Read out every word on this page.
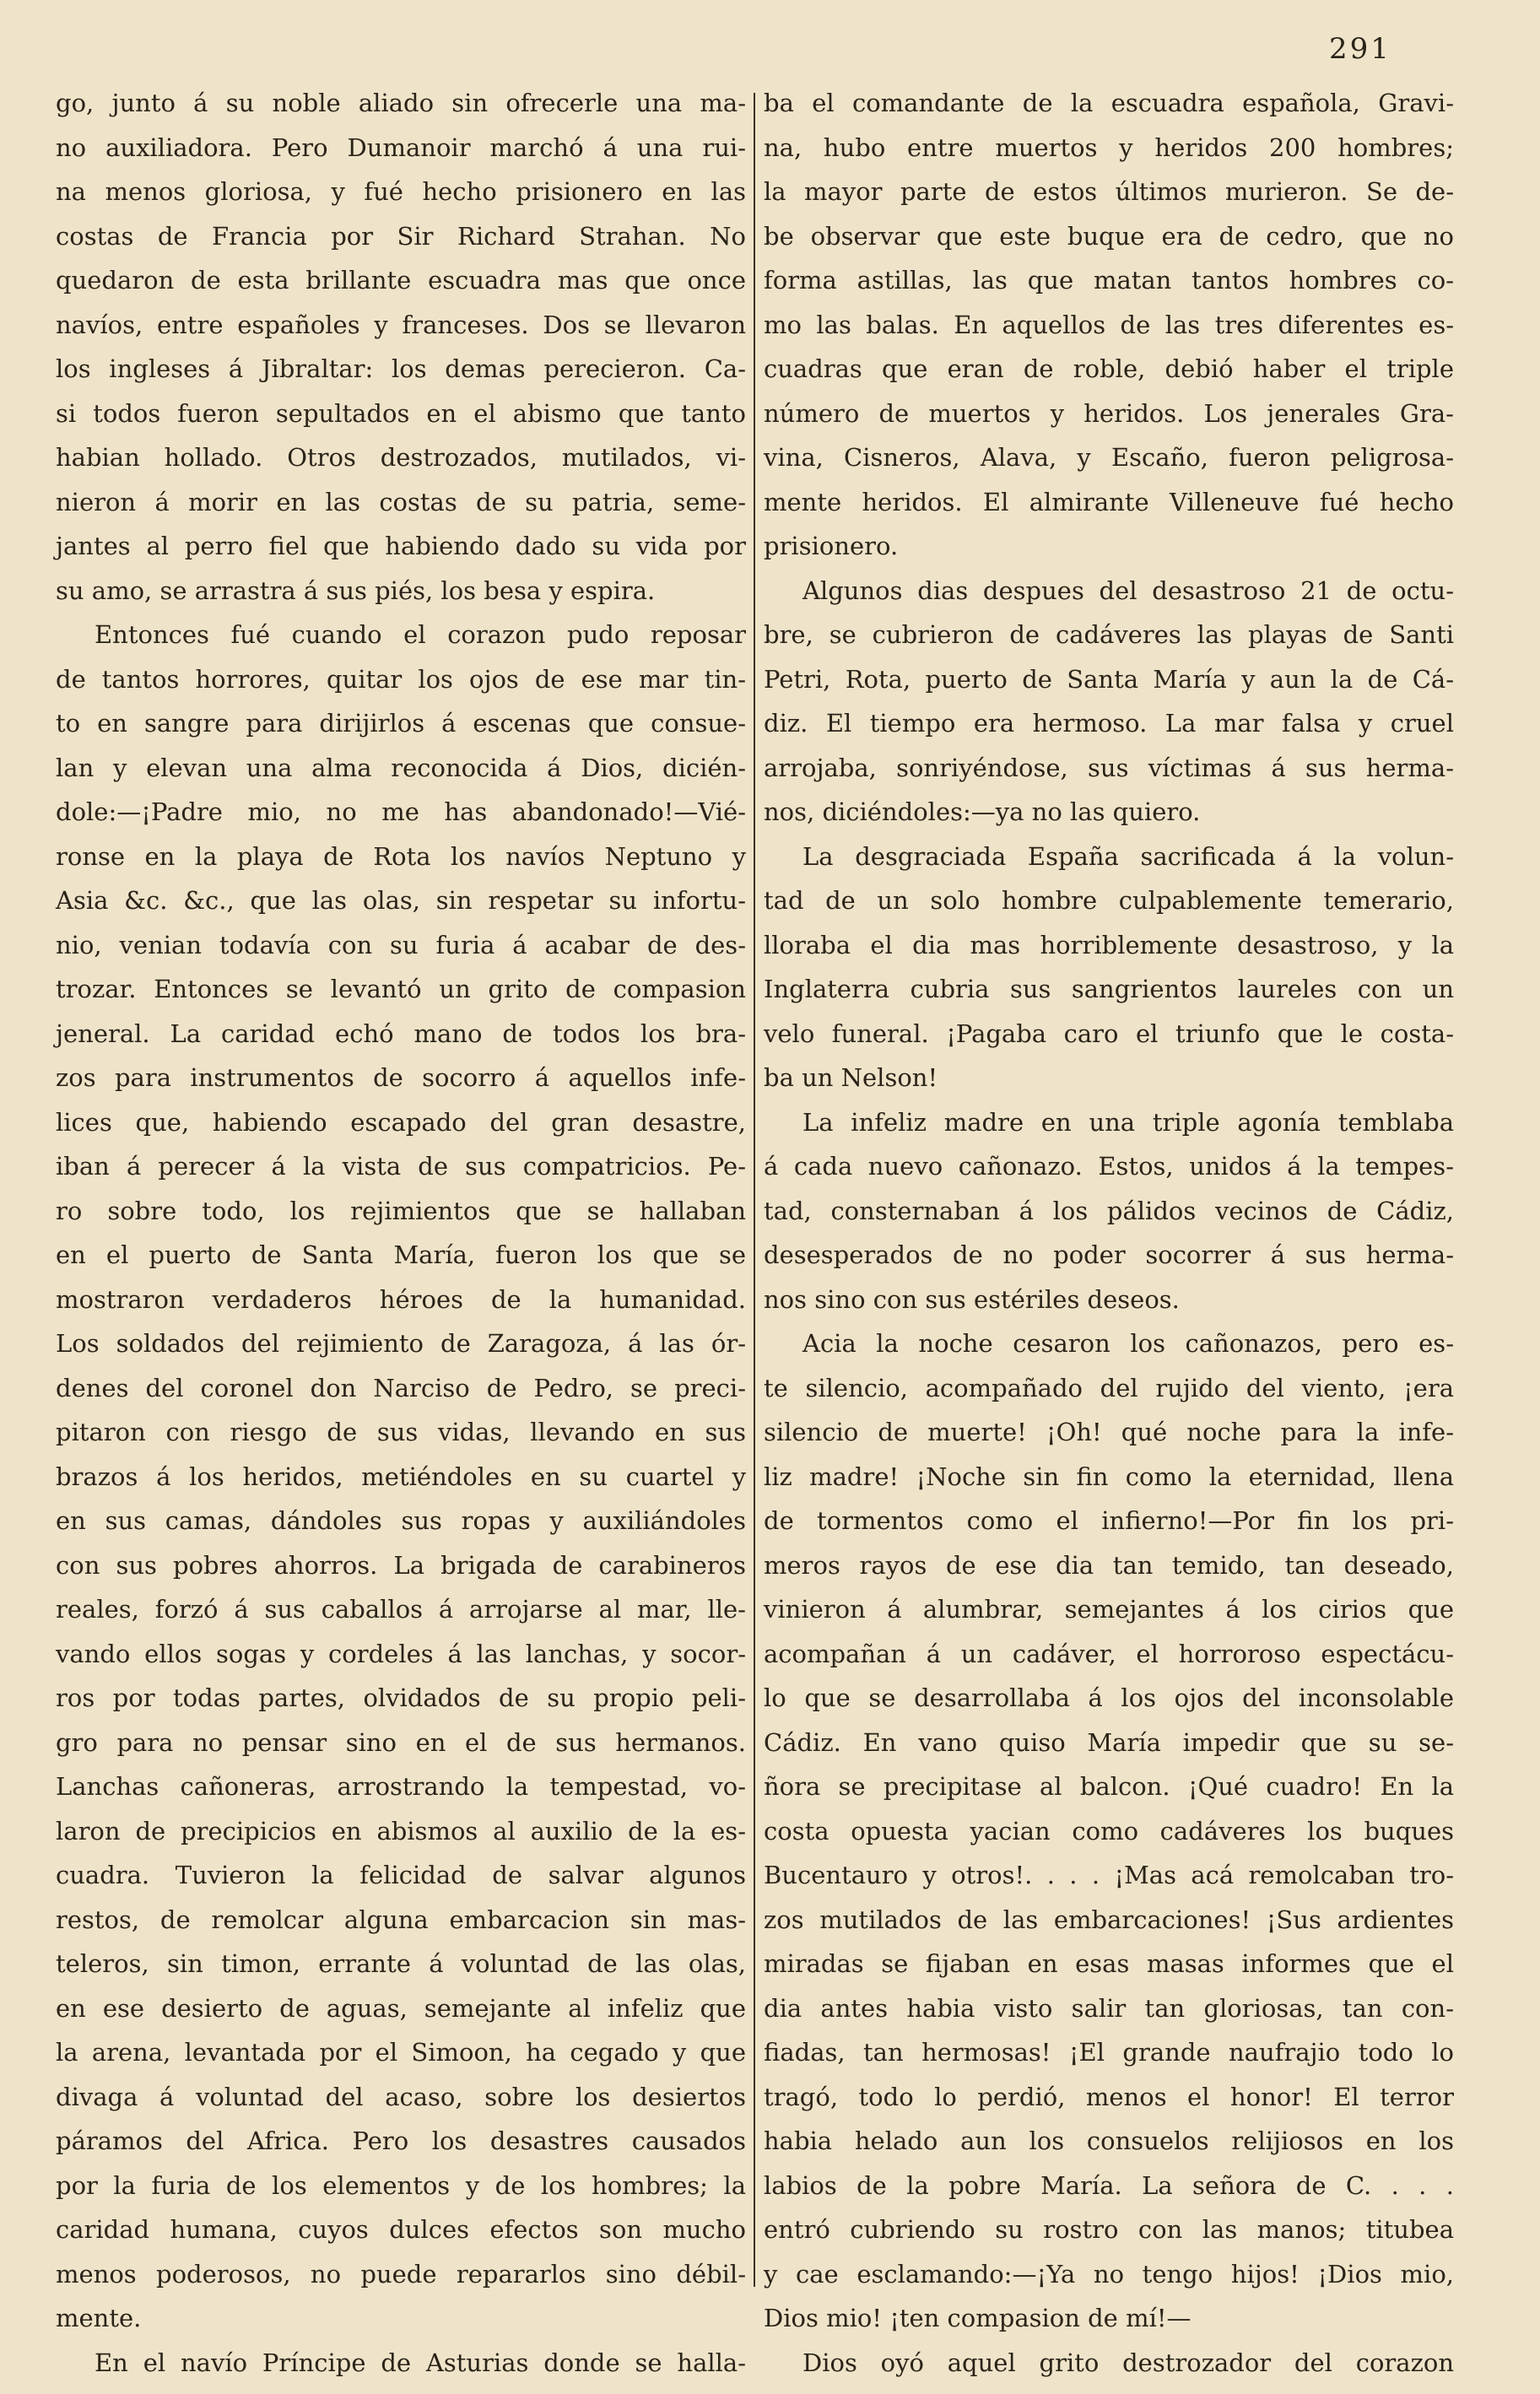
291
go, junto á su noble aliado sin ofrecerle una ma-
no auxiliadora. Pero Dumanoir marchó á una rui-
na menos gloriosa, y fué hecho prisionero en las
costas de Francia por Sir Richard Strahan. No
quedaron de esta brillante escuadra mas que once
navíos, entre españoles y franceses. Dos se llevaron
los ingleses á Jibraltar: los demas perecieron. Ca-
si todos fueron sepultados en el abismo que tanto
habian hollado. Otros destrozados, mutilados, vi-
nieron á morir en las costas de su patria, seme-
jantes al perro fiel que habiendo dado su vida por
su amo, se arrastra á sus piés, los besa y espira.
Entonces fué cuando el corazon pudo reposar
de tantos horrores, quitar los ojos de ese mar tin-
to en sangre para dirijirlos á escenas que consue-
lan y elevan una alma reconocida á Dios, dicién-
dole:—¡Padre mio, no me has abandonado!—Vié-
ronse en la playa de Rota los navíos Neptuno y
Asia &c. &c., que las olas, sin respetar su infortu-
nio, venian todavía con su furia á acabar de des-
trozar. Entonces se levantó un grito de compasion
jeneral. La caridad echó mano de todos los bra-
zos para instrumentos de socorro á aquellos infe-
lices que, habiendo escapado del gran desastre,
iban á perecer á la vista de sus compatricios. Pe-
ro sobre todo, los rejimientos que se hallaban
en el puerto de Santa María, fueron los que se
mostraron verdaderos héroes de la humanidad.
Los soldados del rejimiento de Zaragoza, á las ór-
denes del coronel don Narciso de Pedro, se preci-
pitaron con riesgo de sus vidas, llevando en sus
brazos á los heridos, metiéndoles en su cuartel y
en sus camas, dándoles sus ropas y auxiliándoles
con sus pobres ahorros. La brigada de carabineros
reales, forzó á sus caballos á arrojarse al mar, lle-
vando ellos sogas y cordeles á las lanchas, y socor-
ros por todas partes, olvidados de su propio peli-
gro para no pensar sino en el de sus hermanos.
Lanchas cañoneras, arrostrando la tempestad, vo-
laron de precipicios en abismos al auxilio de la es-
cuadra. Tuvieron la felicidad de salvar algunos
restos, de remolcar alguna embarcacion sin mas-
teleros, sin timon, errante á voluntad de las olas,
en ese desierto de aguas, semejante al infeliz que
la arena, levantada por el Simoon, ha cegado y que
divaga á voluntad del acaso, sobre los desiertos
páramos del Africa. Pero los desastres causados
por la furia de los elementos y de los hombres; la
caridad humana, cuyos dulces efectos son mucho
menos poderosos, no puede repararlos sino débil-
mente.
En el navío Príncipe de Asturias donde se halla-
ba el comandante de la escuadra española, Gravi-
na, hubo entre muertos y heridos 200 hombres;
la mayor parte de estos últimos murieron. Se de-
be observar que este buque era de cedro, que no
forma astillas, las que matan tantos hombres co-
mo las balas. En aquellos de las tres diferentes es-
cuadras que eran de roble, debió haber el triple
número de muertos y heridos. Los jenerales Gra-
vina, Cisneros, Alava, y Escaño, fueron peligrosa-
mente heridos. El almirante Villeneuve fué hecho
prisionero.
Algunos dias despues del desastroso 21 de octu-
bre, se cubrieron de cadáveres las playas de Santi
Petri, Rota, puerto de Santa María y aun la de Cá-
diz. El tiempo era hermoso. La mar falsa y cruel
arrojaba, sonriyéndose, sus víctimas á sus herma-
nos, diciéndoles:—ya no las quiero.
La desgraciada España sacrificada á la volun-
tad de un solo hombre culpablemente temerario,
lloraba el dia mas horriblemente desastroso, y la
Inglaterra cubria sus sangrientos laureles con un
velo funeral. ¡Pagaba caro el triunfo que le costa-
ba un Nelson!
La infeliz madre en una triple agonía temblaba
á cada nuevo cañonazo. Estos, unidos á la tempes-
tad, consternaban á los pálidos vecinos de Cádiz,
desesperados de no poder socorrer á sus herma-
nos sino con sus estériles deseos.
Acia la noche cesaron los cañonazos, pero es-
te silencio, acompañado del rujido del viento, ¡era
silencio de muerte! ¡Oh! qué noche para la infe-
liz madre! ¡Noche sin fin como la eternidad, llena
de tormentos como el infierno!—Por fin los pri-
meros rayos de ese dia tan temido, tan deseado,
vinieron á alumbrar, semejantes á los cirios que
acompañan á un cadáver, el horroroso espectácu-
lo que se desarrollaba á los ojos del inconsolable
Cádiz. En vano quiso María impedir que su se-
ñora se precipitase al balcon. ¡Qué cuadro! En la
costa opuesta yacian como cadáveres los buques
Bucentauro y otros!. . . . ¡Mas acá remolcaban tro-
zos mutilados de las embarcaciones! ¡Sus ardientes
miradas se fijaban en esas masas informes que el
dia antes habia visto salir tan gloriosas, tan con-
fiadas, tan hermosas! ¡El grande naufrajio todo lo
tragó, todo lo perdió, menos el honor! El terror
habia helado aun los consuelos relijiosos en los
labios de la pobre María. La señora de C. . . .
entró cubriendo su rostro con las manos; titubea
y cae esclamando:—¡Ya no tengo hijos! ¡Dios mio,
Dios mio! ¡ten compasion de mí!—
Dios oyó aquel grito destrozador del corazon
